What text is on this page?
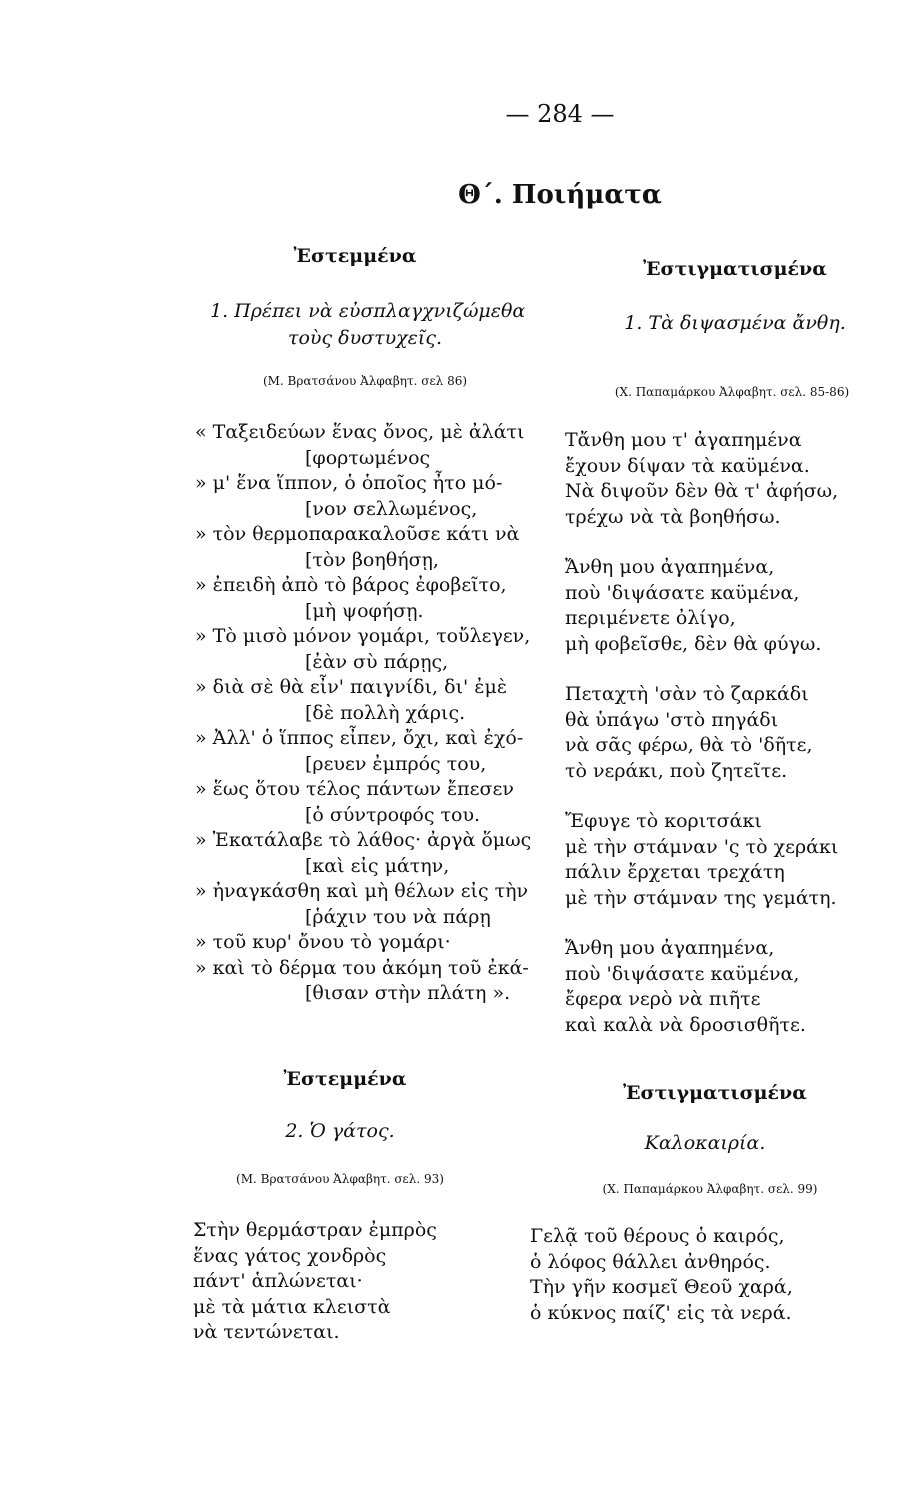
— 284 —
Θ΄. Ποιήματα
Ἐστεμμένα
1. Πρέπει νὰ εὐσπλαγχνιζώμεθα
τοὺς δυστυχεῖς.
(Μ. Βρατσάνου Ἀλφαβητ. σελ 86)
« Ταξειδεύων ἕνας ὄνος, μὲ ἀλάτι
[φορτωμένος
» μ' ἕνα ἵππον, ὁ ὁποῖος ἦτο μό-
[νον σελλωμένος,
» τὸν θερμοπαρακαλοῦσε κάτι νὰ
[τὸν βοηθήσῃ,
» ἐπειδὴ ἀπὸ τὸ βάρος ἐφοβεῖτο,
[μὴ ψοφήσῃ.
» Τὸ μισὸ μόνον γομάρι, τοὔλεγεν,
[ἐὰν σὺ πάρῃς,
» διὰ σὲ θὰ εἶν' παιγνίδι, δι' ἐμὲ
[δὲ πολλὴ χάρις.
» Ἀλλ' ὁ ἵππος εἶπεν, ὄχι, καὶ ἐχό-
[ρευεν ἐμπρός του,
» ἕως ὅτου τέλος πάντων ἔπεσεν
[ὁ σύντροφός του.
» Ἐκατάλαβε τὸ λάθος· ἀργὰ ὅμως
[καὶ εἰς μάτην,
» ἠναγκάσθη καὶ μὴ θέλων εἰς τὴν
[ῥάχιν του νὰ πάρῃ
» τοῦ κυρ' ὄνου τὸ γομάρι·
» καὶ τὸ δέρμα του ἀκόμη τοῦ ἐκά-
[θισαν στὴν πλάτη ».
Ἐστιγματισμένα
1. Τὰ διψασμένα ἄνθη.
(Χ. Παπαμάρκου Ἀλφαβητ. σελ. 85-86)
Τἄνθη μου τ' ἀγαπημένα
ἔχουν δίψαν τὰ καϋμένα.
Νὰ διψοῦν δὲν θὰ τ' ἀφήσω,
τρέχω νὰ τὰ βοηθήσω.
Ἄνθη μου ἀγαπημένα,
ποὺ 'διψάσατε καϋμένα,
περιμένετε ὀλίγο,
μὴ φοβεῖσθε, δὲν θὰ φύγω.
Πεταχτὴ 'σὰν τὸ ζαρκάδι
θὰ ὑπάγω 'στὸ πηγάδι
νὰ σᾶς φέρω, θὰ τὸ 'δῆτε,
τὸ νεράκι, ποὺ ζητεῖτε.
Ἔφυγε τὸ κοριτσάκι
μὲ τὴν στάμναν 'ς τὸ χεράκι
πάλιν ἔρχεται τρεχάτη
μὲ τὴν στάμναν της γεμάτη.
Ἄνθη μου ἀγαπημένα,
ποὺ 'διψάσατε καϋμένα,
ἔφερα νερὸ νὰ πιῆτε
καὶ καλὰ νὰ δροσισθῆτε.
Ἐστεμμένα
2. Ὁ γάτος.
(Μ. Βρατσάνου Ἀλφαβητ. σελ. 93)
Στὴν θερμάστραν ἐμπρὸς
ἕνας γάτος χονδρὸς
πάντ' ἁπλώνεται·
μὲ τὰ μάτια κλειστὰ
νὰ τεντώνεται.
Ἐστιγματισμένα
Καλοκαιρία.
(Χ. Παπαμάρκου Ἀλφαβητ. σελ. 99)
Γελᾷ τοῦ θέρους ὁ καιρός,
ὁ λόφος θάλλει ἀνθηρός.
Τὴν γῆν κοσμεῖ Θεοῦ χαρά,
ὁ κύκνος παίζ' εἰς τὰ νερά.
